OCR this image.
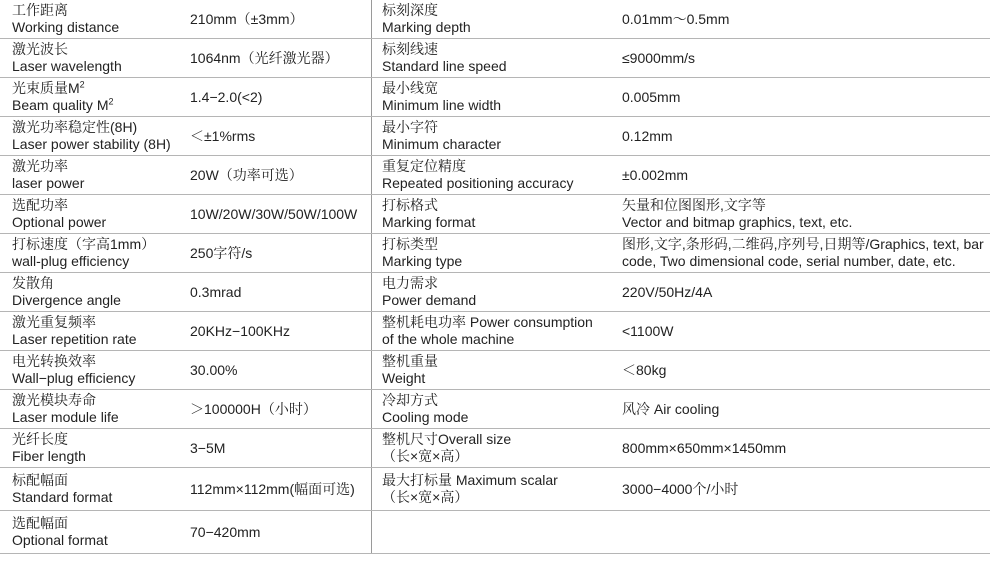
工作距离
Working distance
210mm（±3mm）
标刻深度
Marking depth
0.01mm～0.5mm
激光波长
Laser wavelength
1064nm（光纤激光器）
标刻线速
Standard line speed
≤9000mm/s
光束质量$M^2$
Beam quality $M^2$	1.4−2.0(<2)
最小线宽
Minimum line width
0.005mm
激光功率稳定性(8H)
Laser power stability (8H)
＜±1%rms
最小字符
Minimum character
0.12mm
激光功率
laser power
20W（功率可选）
重复定位精度
Repeated positioning accuracy
±0.002mm
选配功率
Optional power
10W/20W/30W/50W/100W
打标格式
Marking format
矢量和位图图形,文字等
Vector and bitmap graphics, text, etc.
打标速度（字高1mm）
wall-plug efficiency
250字符/s
打标类型
Marking type
图形,文字,条形码,二维码,序列号,日期等/Graphics, text, bar code, Two dimensional code, serial number, date, etc.
发散角
Divergence angle
0.3mrad
电力需求
Power demand
220V/50Hz/4A
激光重复频率
Laser repetition rate
20KHz−100KHz
整机耗电功率 Power consumption
of the whole machine
<1100W
电光转换效率
Wall−plug efficiency
30.00%
整机重量
Weight
＜80kg
激光模块寿命
Laser module life
＞100000H（小时）
冷却方式
Cooling mode
风冷 Air cooling
光纤长度
Fiber length
3−5M
整机尺寸Overall size
（长×宽×高）
800mm×650mm×1450mm
标配幅面
Standard format
112mm×112mm(幅面可选)
最大打标量 Maximum scalar
（长×宽×高）
3000−4000个/小时
选配幅面
Optional format
70−420mm
